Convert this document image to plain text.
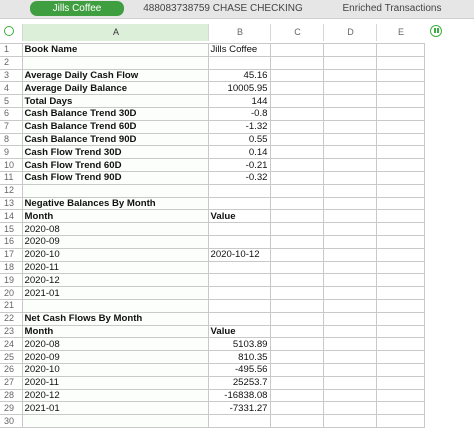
Jills Coffee	488083738759 CHASE CHECKING	Enriched Transactions
A	B	C	D	E
1	Book Name	Jills Coffee			
2					
3	Average Daily Cash Flow	45.16			
4	Average Daily Balance	10005.95			
5	Total Days	144			
6	Cash Balance Trend 30D	-0.8			
7	Cash Balance Trend 60D	-1.32			
8	Cash Balance Trend 90D	0.55			
9	Cash Flow Trend 30D	0.14			
10	Cash Flow Trend 60D	-0.21			
11	Cash Flow Trend 90D	-0.32			
12					
13	Negative Balances By Month				
14	Month	Value			
15	2020-08				
16	2020-09				
17	2020-10	2020-10-12			
18	2020-11				
19	2020-12				
20	2021-01				
21					
22	Net Cash Flows By Month				
23	Month	Value			
24	2020-08	5103.89			
25	2020-09	810.35			
26	2020-10	-495.56			
27	2020-11	25253.7			
28	2020-12	-16838.08			
29	2021-01	-7331.27			
30					
